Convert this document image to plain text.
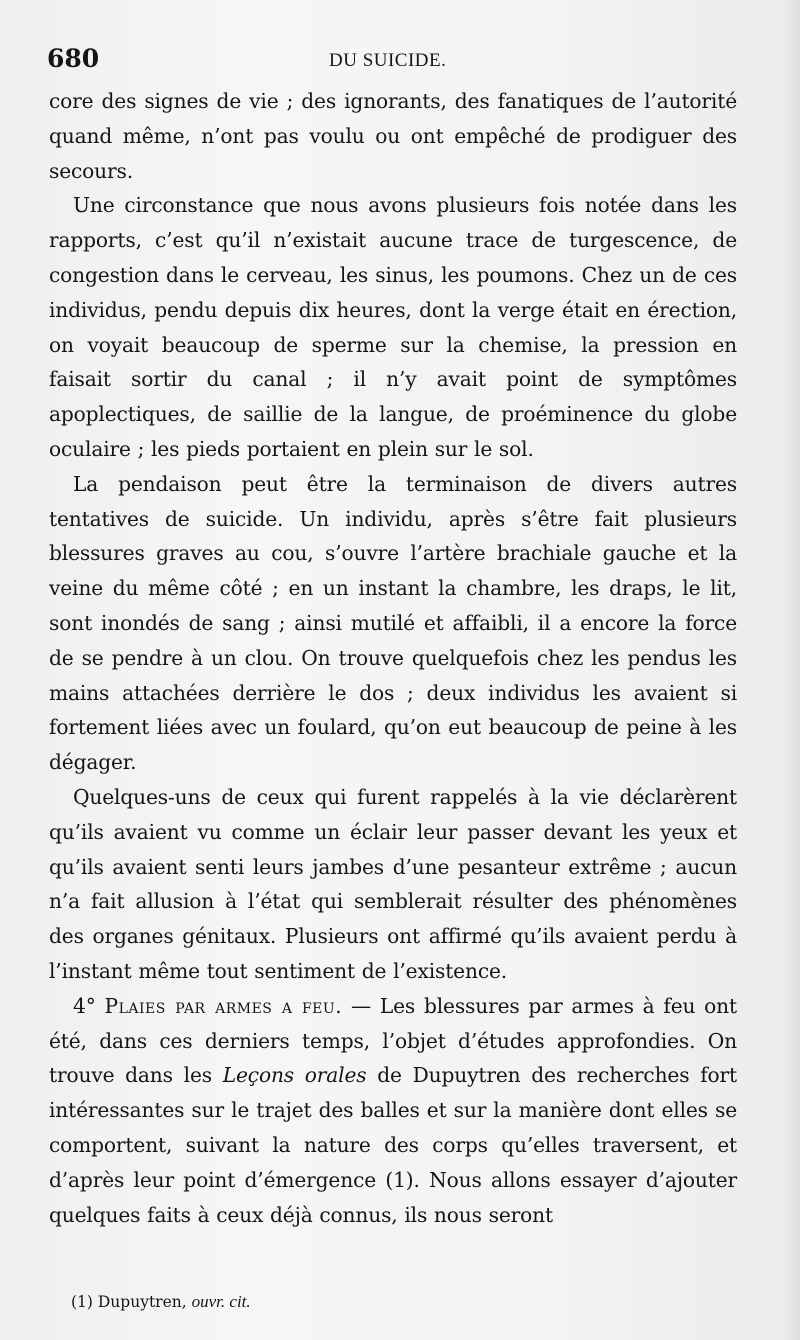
680	DU SUICIDE.

core des signes de vie ; des ignorants, des fanatiques de l’autorité quand même, n’ont pas voulu ou ont empêché de prodiguer des secours.

Une circonstance que nous avons plusieurs fois notée dans les rapports, c’est qu’il n’existait aucune trace de turgescence, de congestion dans le cerveau, les sinus, les poumons. Chez un de ces individus, pendu depuis dix heures, dont la verge était en érection, on voyait beaucoup de sperme sur la chemise, la pression en faisait sortir du canal ; il n’y avait point de symptômes apoplectiques, de saillie de la langue, de proéminence du globe oculaire ; les pieds portaient en plein sur le sol.

La pendaison peut être la terminaison de divers autres tentatives de suicide. Un individu, après s’être fait plusieurs blessures graves au cou, s’ouvre l’artère brachiale gauche et la veine du même côté ; en un instant la chambre, les draps, le lit, sont inondés de sang ; ainsi mutilé et affaibli, il a encore la force de se pendre à un clou. On trouve quelquefois chez les pendus les mains attachées derrière le dos ; deux individus les avaient si fortement liées avec un foulard, qu’on eut beaucoup de peine à les dégager.

Quelques-uns de ceux qui furent rappelés à la vie déclarèrent qu’ils avaient vu comme un éclair leur passer devant les yeux et qu’ils avaient senti leurs jambes d’une pesanteur extrême ; aucun n’a fait allusion à l’état qui semblerait résulter des phénomènes des organes génitaux. Plusieurs ont affirmé qu’ils avaient perdu à l’instant même tout sentiment de l’existence.

4° Plaies par armes a feu. — Les blessures par armes à feu ont été, dans ces derniers temps, l’objet d’études approfondies. On trouve dans les Leçons orales de Dupuytren des recherches fort intéressantes sur le trajet des balles et sur la manière dont elles se comportent, suivant la nature des corps qu’elles traversent, et d’après leur point d’émergence (1). Nous allons essayer d’ajouter quelques faits à ceux déjà connus, ils nous seront

(1) Dupuytren, ouvr. cit.
